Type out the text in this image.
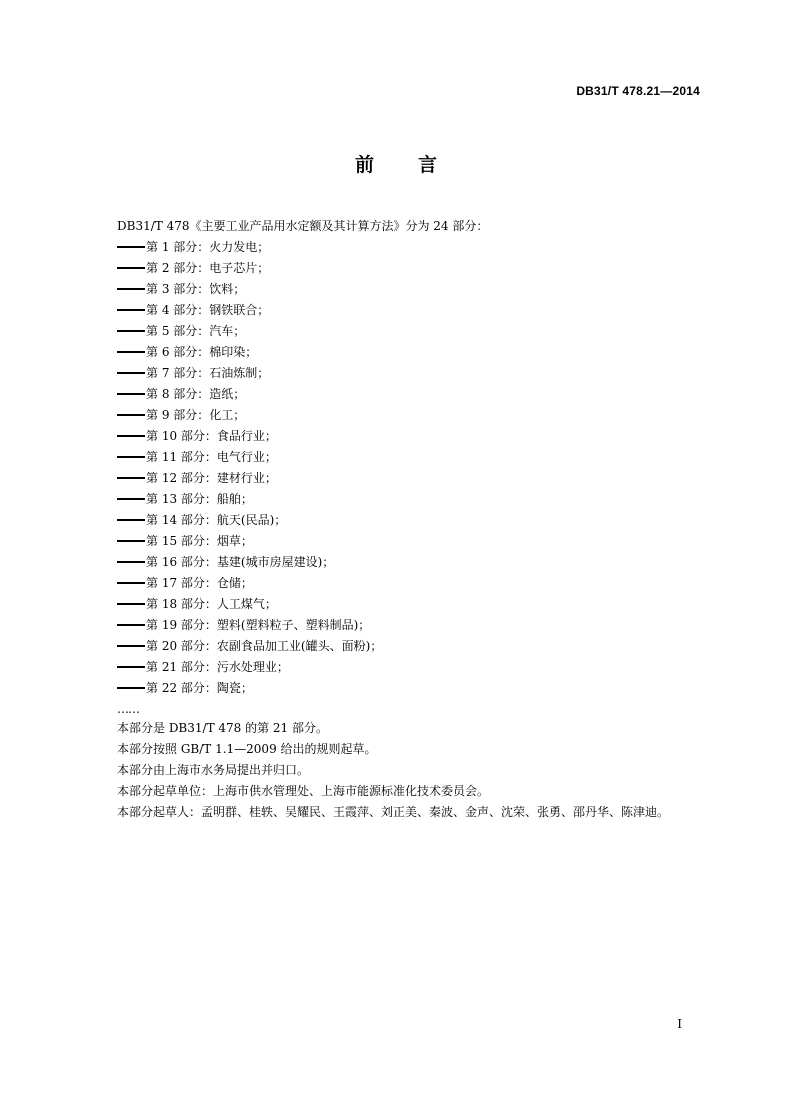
DB31/T 478.21—2014
前言
DB31/T 478《主要工业产品用水定额及其计算方法》分为 24 部分：
第 1 部分：火力发电；
第 2 部分：电子芯片；
第 3 部分：饮料；
第 4 部分：钢铁联合；
第 5 部分：汽车；
第 6 部分：棉印染；
第 7 部分：石油炼制；
第 8 部分：造纸；
第 9 部分：化工；
第 10 部分：食品行业；
第 11 部分：电气行业；
第 12 部分：建材行业；
第 13 部分：船舶；
第 14 部分：航天(民品)；
第 15 部分：烟草；
第 16 部分：基建(城市房屋建设)；
第 17 部分：仓储；
第 18 部分：人工煤气；
第 19 部分：塑料(塑料粒子、塑料制品)；
第 20 部分：农副食品加工业(罐头、面粉)；
第 21 部分：污水处理业；
第 22 部分：陶瓷；
……
本部分是 DB31/T 478 的第 21 部分。
本部分按照 GB/T 1.1—2009 给出的规则起草。
本部分由上海市水务局提出并归口。
本部分起草单位：上海市供水管理处、上海市能源标准化技术委员会。
本部分起草人：孟明群、桂轶、吴耀民、王霞萍、刘正美、秦波、金声、沈荣、张勇、邵丹华、陈津迪。
I
